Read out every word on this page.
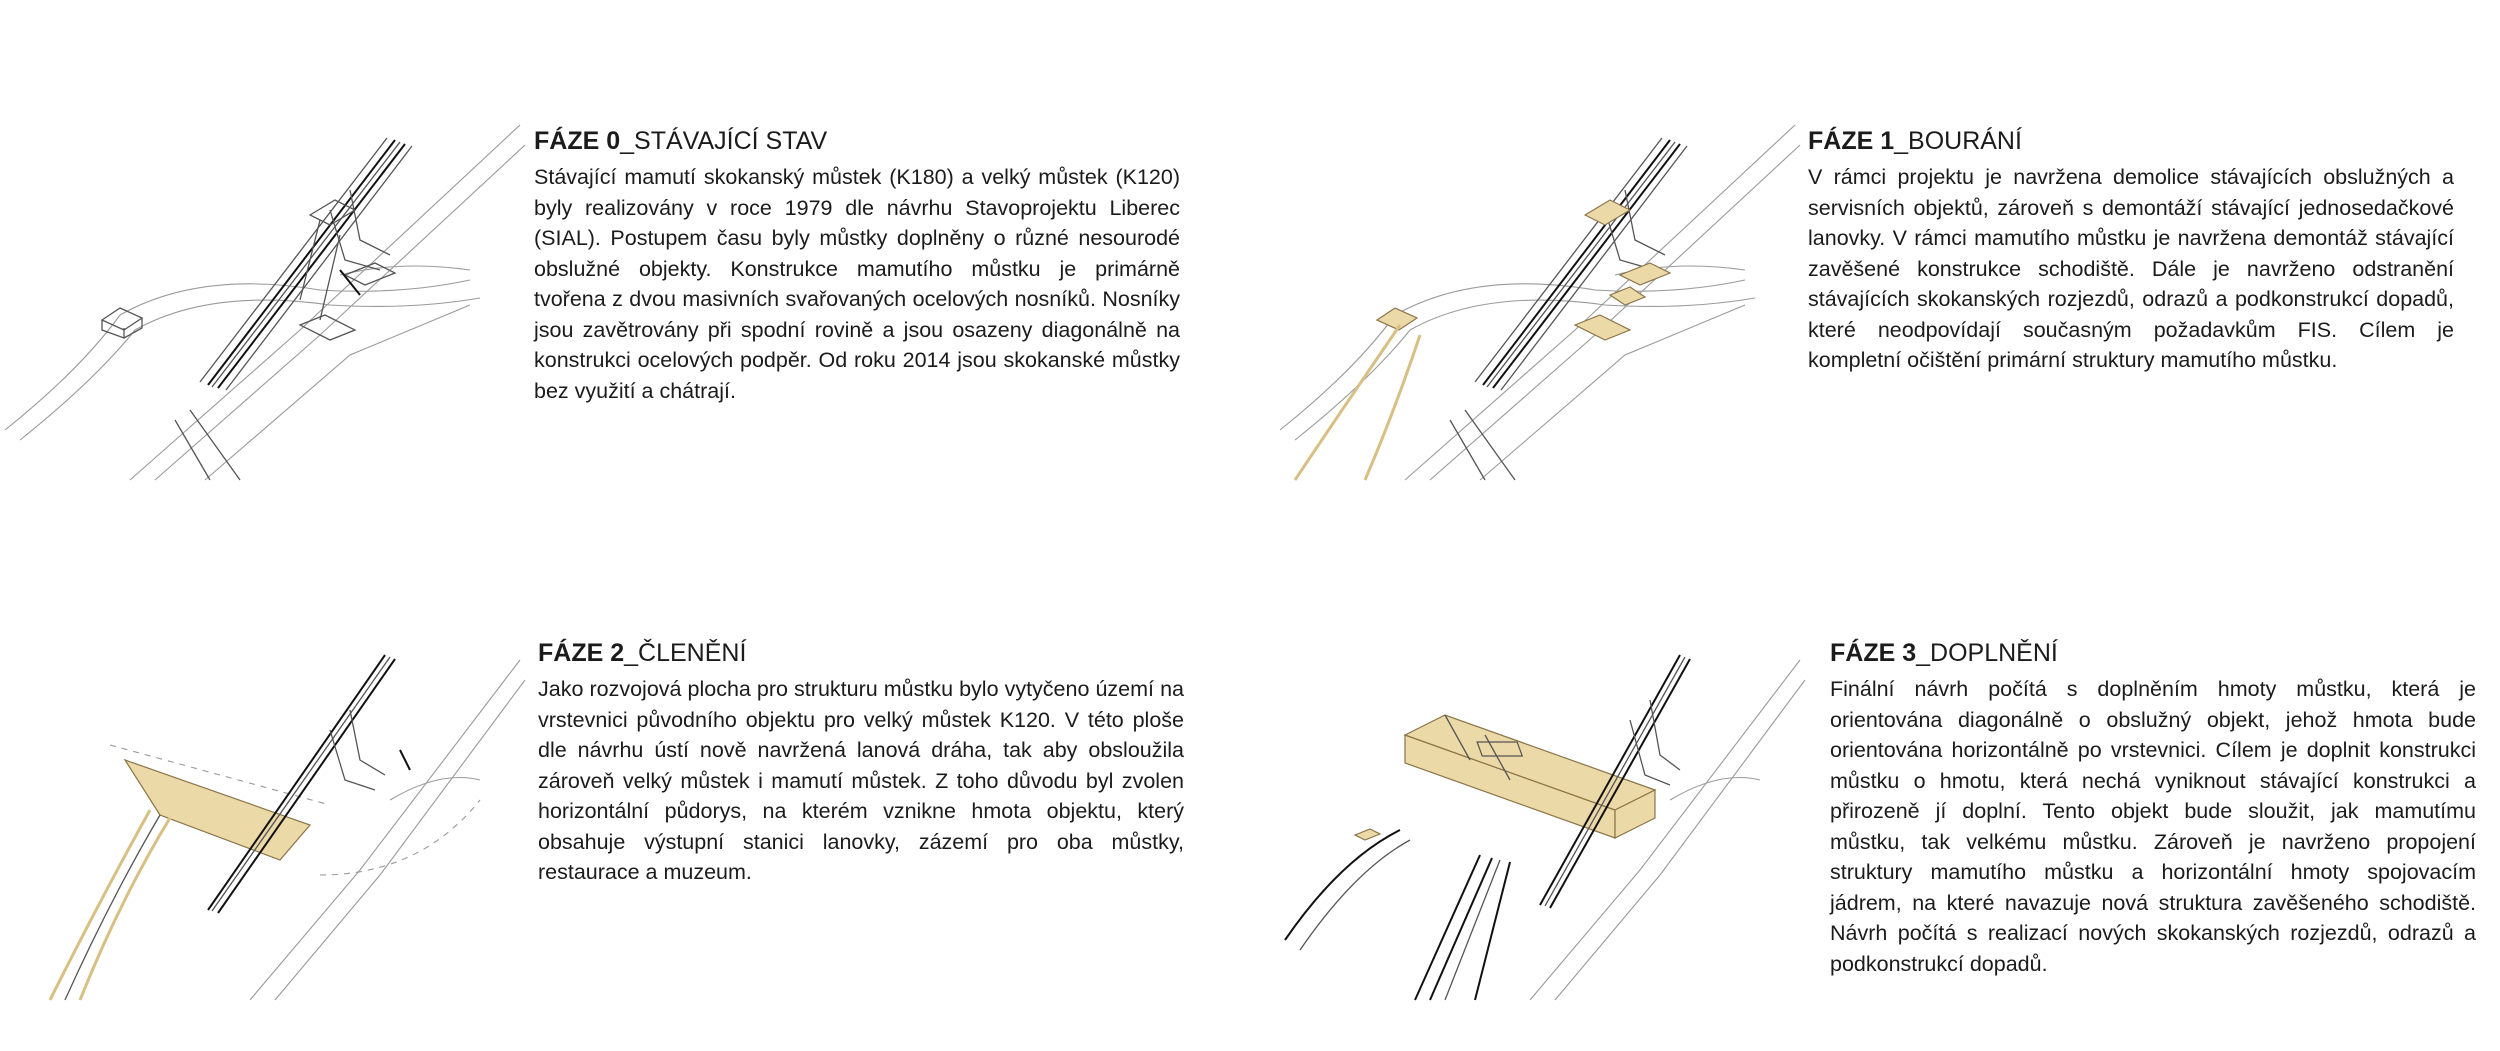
FÁZE 0_STÁVAJÍCÍ STAV

Stávající mamutí skokanský můstek (K180) a velký můstek (K120) byly realizovány v roce 1979 dle návrhu Stavoprojektu Liberec (SIAL). Postupem času byly můstky doplněny o různé nesourodé obslužné objekty. Konstrukce mamutího můstku je primárně tvořena z dvou masivních svařovaných ocelových nosníků. Nosníky jsou zavětrovány při spodní rovině a jsou osazeny diagonálně na konstrukci ocelových podpěr. Od roku 2014 jsou skokanské můstky bez využití a chátrají.

FÁZE 1_BOURÁNÍ

V rámci projektu je navržena demolice stávajících obslužných a servisních objektů, zároveň s demontáží stávající jednosedačkové lanovky. V rámci mamutího můstku je navržena demontáž stávající zavěšené konstrukce schodiště. Dále je navrženo odstranění stávajících skokanských rozjezdů, odrazů a podkonstrukcí dopadů, které neodpovídají současným požadavkům FIS. Cílem je kompletní očištění primární struktury mamutího můstku.

FÁZE 2_ČLENĚNÍ

Jako rozvojová plocha pro strukturu můstku bylo vytyčeno území na vrstevnici původního objektu pro velký můstek K120. V této ploše dle návrhu ústí nově navržená lanová dráha, tak aby obsloužila zároveň velký můstek i mamutí můstek. Z toho důvodu byl zvolen horizontální půdorys, na kterém vznikne hmota objektu, který obsahuje výstupní stanici lanovky, zázemí pro oba můstky, restaurace a muzeum.

FÁZE 3_DOPLNĚNÍ

Finální návrh počítá s doplněním hmoty můstku, která je orientována diagonálně o obslužný objekt, jehož hmota bude orientována horizontálně po vrstevnici. Cílem je doplnit konstrukci můstku o hmotu, která nechá vyniknout stávající konstrukci a přirozeně jí doplní. Tento objekt bude sloužit, jak mamutímu můstku, tak velkému můstku. Zároveň je navrženo propojení struktury mamutího můstku a horizontální hmoty spojovacím jádrem, na které navazuje nová struktura zavěšeného schodiště. Návrh počítá s realizací nových skokanských rozjezdů, odrazů a podkonstrukcí dopadů.
